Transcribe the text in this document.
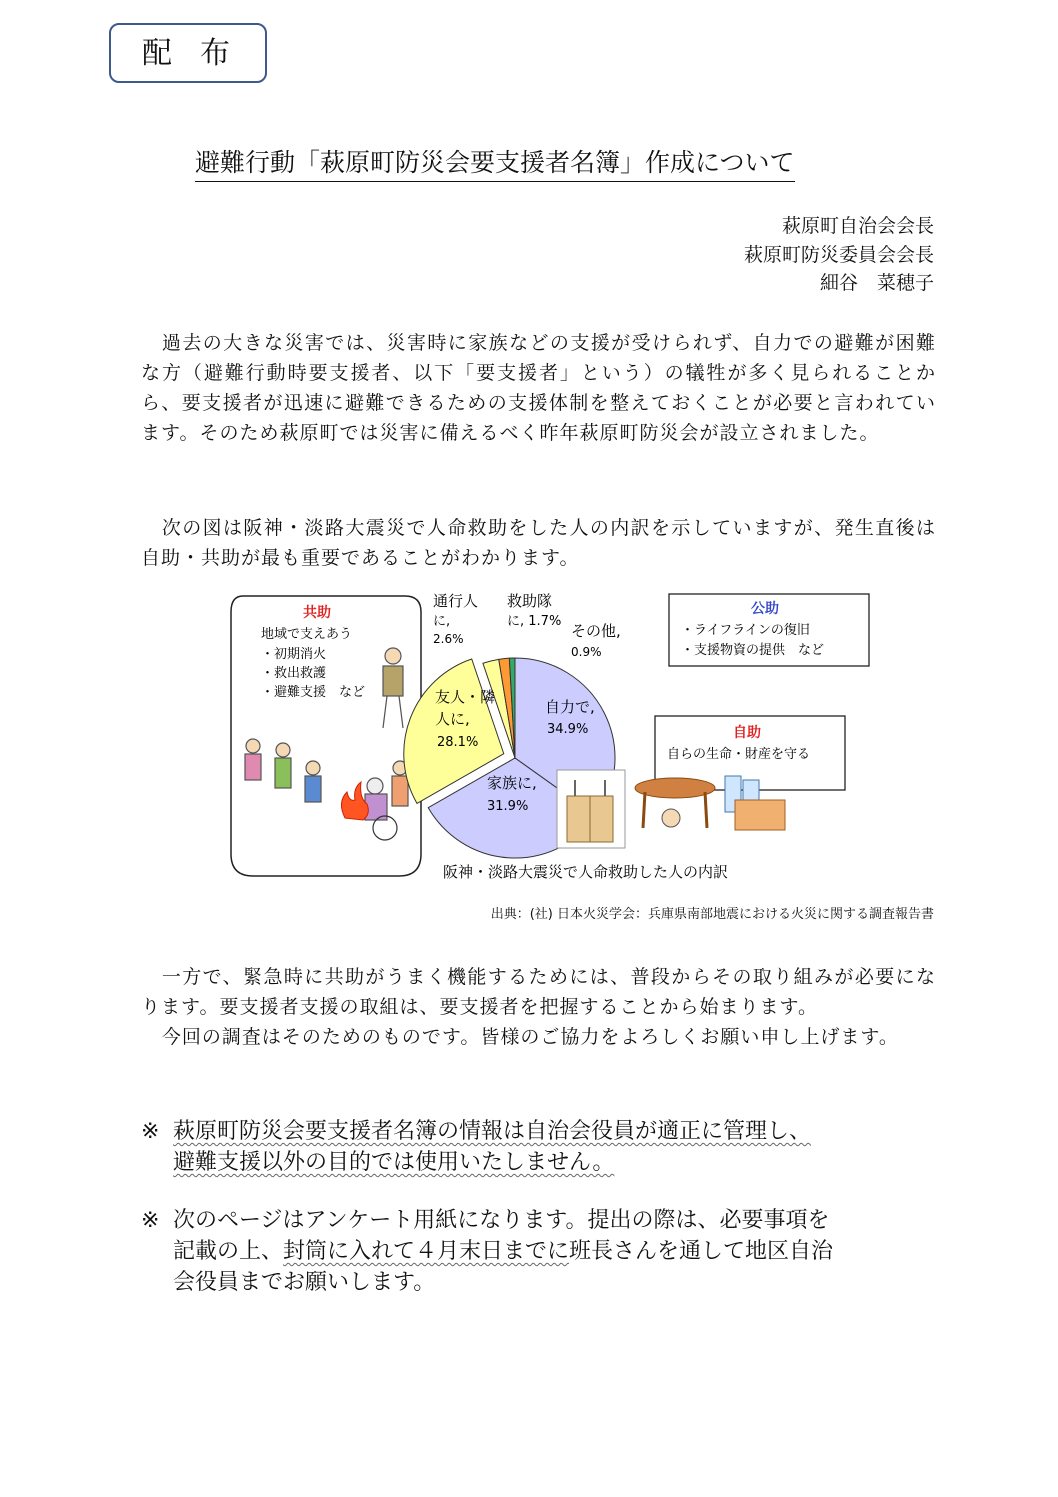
配布
避難行動「萩原町防災会要支援者名簿」作成について
萩原町自治会会長
萩原町防災委員会会長
細谷　菜穂子

過去の大きな災害では、災害時に家族などの支援が受けられず、自力での避難が困難な方（避難行動時要支援者、以下「要支援者」という）の犠牲が多く見られることから、要支援者が迅速に避難できるための支援体制を整えておくことが必要と言われています。そのため萩原町では災害に備えるべく昨年萩原町防災会が設立されました。

次の図は阪神・淡路大震災で人命救助をした人の内訳を示していますが、発生直後は自助・共助が最も重要であることがわかります。

共助
地域で支えあう
・初期消火
・救出救護
・避難支援　など
自力で,
34.9%
家族に,
31.9%
友人・隣
人に,
28.1%
通行人
に,
2.6%
救助隊
に, 1.7%
その他,
0.9%
公助
・ライフラインの復旧
・支援物資の提供　など
自助
自らの生命・財産を守る
阪神・淡路大震災で人命救助した人の内訳
出典：(社) 日本火災学会：兵庫県南部地震における火災に関する調査報告書

一方で、緊急時に共助がうまく機能するためには、普段からその取り組みが必要になります。要支援者支援の取組は、要支援者を把握することから始まります。

今回の調査はそのためのものです。皆様のご協力をよろしくお願い申し上げます。

※ 萩原町防災会要支援者名簿の情報は自治会役員が適正に管理し、
避難支援以外の目的では使用いたしません。
※ 次のページはアンケート用紙になります。提出の際は、必要事項を
記載の上、封筒に入れて４月末日までに班長さんを通して地区自治
会役員までお願いします。
